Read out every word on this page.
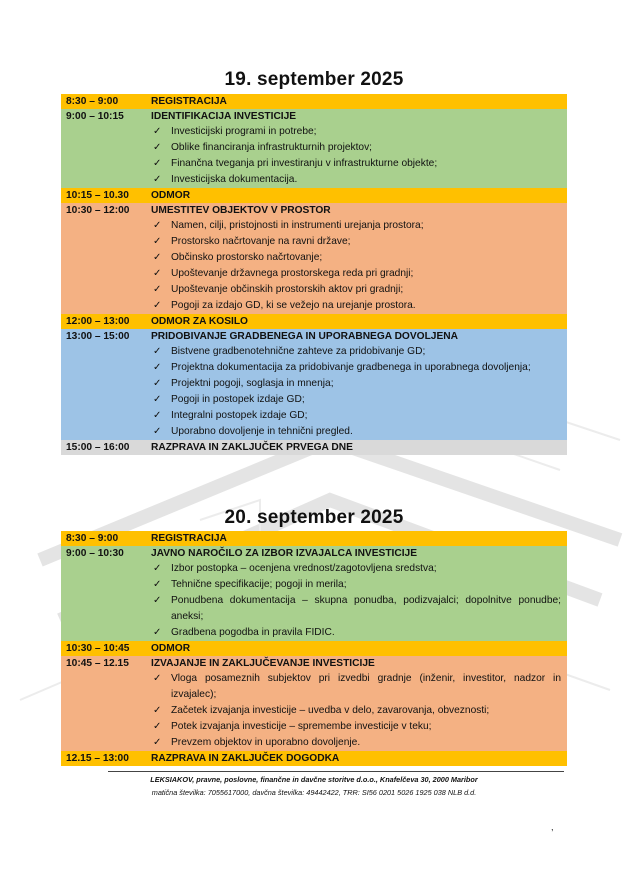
19. september 2025
8:30 – 9:00	REGISTRACIJA
9:00 – 10:15	IDENTIFIKACIJA INVESTICIJE
✓ Investicijski programi in potrebe;
✓ Oblike financiranja infrastrukturnih projektov;
✓ Finančna tveganja pri investiranju v infrastrukturne objekte;
✓ Investicijska dokumentacija.
10:15 – 10.30	ODMOR
10:30 – 12:00	UMESTITEV OBJEKTOV V PROSTOR
✓ Namen, cilji, pristojnosti in instrumenti urejanja prostora;
✓ Prostorsko načrtovanje na ravni države;
✓ Občinsko prostorsko načrtovanje;
✓ Upoštevanje državnega prostorskega reda pri gradnji;
✓ Upoštevanje občinskih prostorskih aktov pri gradnji;
✓ Pogoji za izdajo GD, ki se vežejo na urejanje prostora.
12:00 – 13:00	ODMOR ZA KOSILO
13:00 – 15:00	PRIDOBIVANJE GRADBENEGA IN UPORABNEGA DOVOLJENA
✓ Bistvene gradbenotehnične zahteve za pridobivanje GD;
✓ Projektna dokumentacija za pridobivanje gradbenega in uporabnega dovoljenja;
✓ Projektni pogoji, soglasja in mnenja;
✓ Pogoji in postopek izdaje GD;
✓ Integralni postopek izdaje GD;
✓ Uporabno dovoljenje in tehnični pregled.
15:00 – 16:00	RAZPRAVA IN ZAKLJUČEK PRVEGA DNE
20. september 2025
8:30 – 9:00	REGISTRACIJA
9:00 – 10:30	JAVNO NAROČILO ZA IZBOR IZVAJALCA INVESTICIJE
✓ Izbor postopka – ocenjena vrednost/zagotovljena sredstva;
✓ Tehnične specifikacije; pogoji in merila;
✓ Ponudbena dokumentacija – skupna ponudba, podizvajalci; dopolnitve ponudbe; aneksi;
✓ Gradbena pogodba in pravila FIDIC.
10:30 – 10:45	ODMOR
10:45 – 12.15	IZVAJANJE IN ZAKLJUČEVANJE INVESTICIJE
✓ Vloga posameznih subjektov pri izvedbi gradnje (inženir, investitor, nadzor in izvajalec);
✓ Začetek izvajanja investicije – uvedba v delo, zavarovanja, obveznosti;
✓ Potek izvajanja investicije – spremembe investicije v teku;
✓ Prevzem objektov in uporabno dovoljenje.
12.15 – 13:00	RAZPRAVA IN ZAKLJUČEK DOGODKA
LEKSIAKOV, pravne, poslovne, finančne in davčne storitve d.o.o., Knafelčeva 30, 2000 Maribor
matična številka: 7055617000, davčna številka: 49442422, TRR: SI56 0201 5026 1925 038 NLB d.d.
,
